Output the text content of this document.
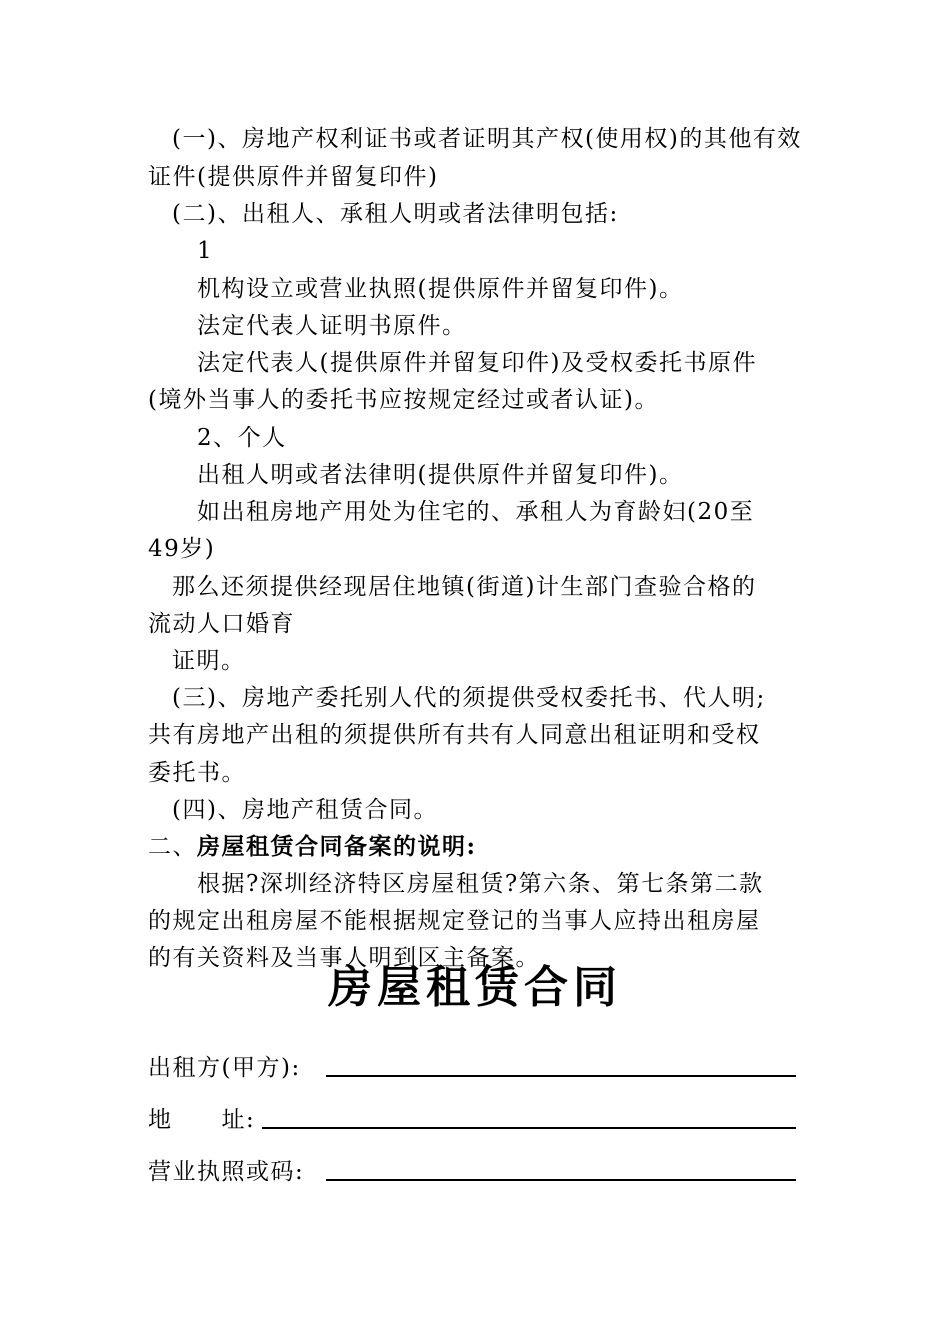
(一)、房地产权利证书或者证明其产权(使用权)的其他有效
证件(提供原件并留复印件)
(二)、出租人、承租人明或者法律明包括:
1
机构设立或营业执照(提供原件并留复印件)。
法定代表人证明书原件。
法定代表人(提供原件并留复印件)及受权委托书原件
(境外当事人的委托书应按规定经过或者认证)。
2、个人
出租人明或者法律明(提供原件并留复印件)。
如出租房地产用处为住宅的、承租人为育龄妇(20至
49岁)
那么还须提供经现居住地镇(街道)计生部门查验合格的
流动人口婚育
证明。
(三)、房地产委托别人代的须提供受权委托书、代人明;
共有房地产出租的须提供所有共有人同意出租证明和受权
委托书。
(四)、房地产租赁合同。
二、房屋租赁合同备案的说明:
根据?深圳经济特区房屋租赁?第六条、第七条第二款
的规定出租房屋不能根据规定登记的当事人应持出租房屋
的有关资料及当事人明到区主备案。
房屋租赁合同
出租方(甲方):
地　　址:
营业执照或码:
